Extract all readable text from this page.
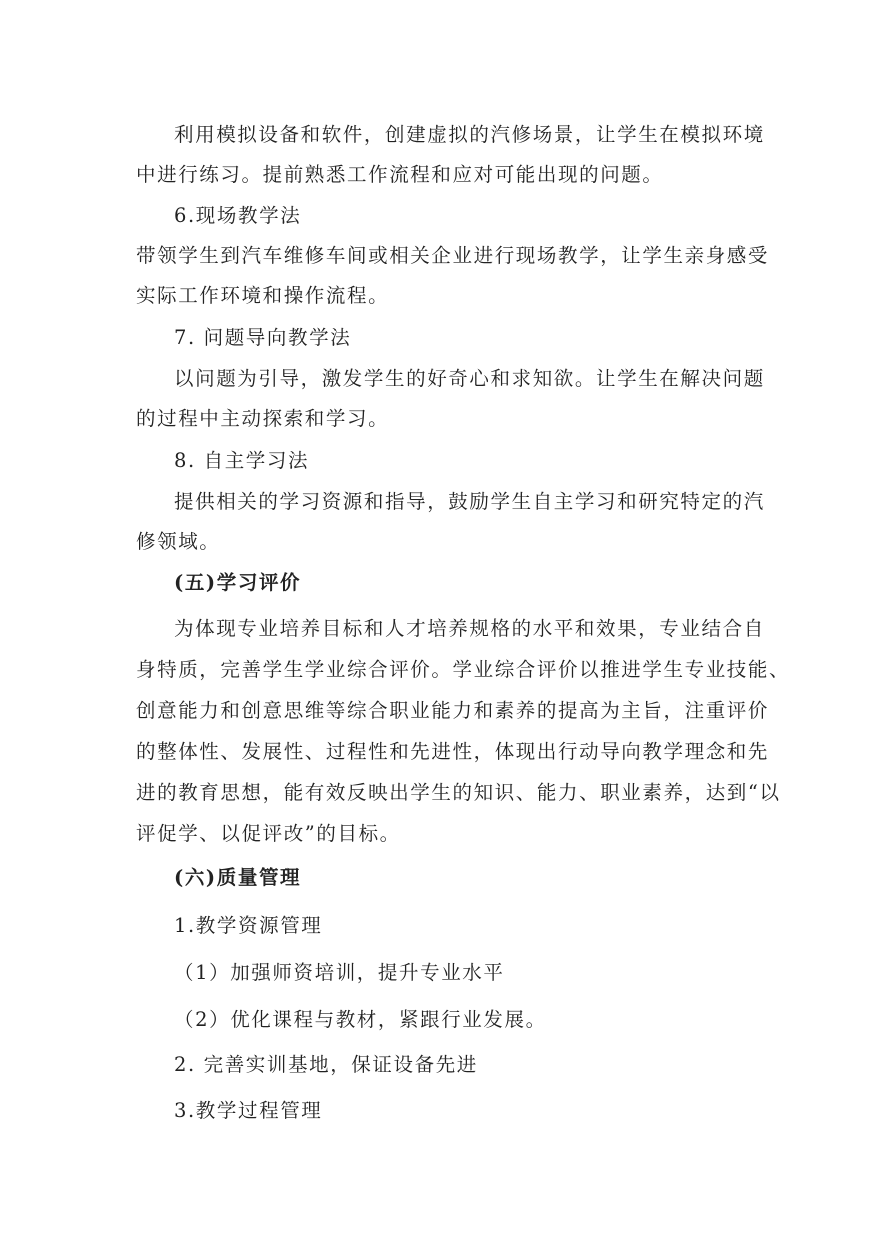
利用模拟设备和软件，创建虚拟的汽修场景，让学生在模拟环境
中进行练习。提前熟悉工作流程和应对可能出现的问题。
6.现场教学法
带领学生到汽车维修车间或相关企业进行现场教学，让学生亲身感受
实际工作环境和操作流程。
7. 问题导向教学法
以问题为引导，激发学生的好奇心和求知欲。让学生在解决问题
的过程中主动探索和学习。
8. 自主学习法
提供相关的学习资源和指导，鼓励学生自主学习和研究特定的汽
修领域。
(五)学习评价
为体现专业培养目标和人才培养规格的水平和效果，专业结合自
身特质，完善学生学业综合评价。学业综合评价以推进学生专业技能、
创意能力和创意思维等综合职业能力和素养的提高为主旨，注重评价
的整体性、发展性、过程性和先进性，体现出行动导向教学理念和先
进的教育思想，能有效反映出学生的知识、能力、职业素养，达到“以
评促学、以促评改”的目标。
(六)质量管理
1.教学资源管理
（1）加强师资培训，提升专业水平
（2）优化课程与教材，紧跟行业发展。
2. 完善实训基地，保证设备先进
3.教学过程管理
